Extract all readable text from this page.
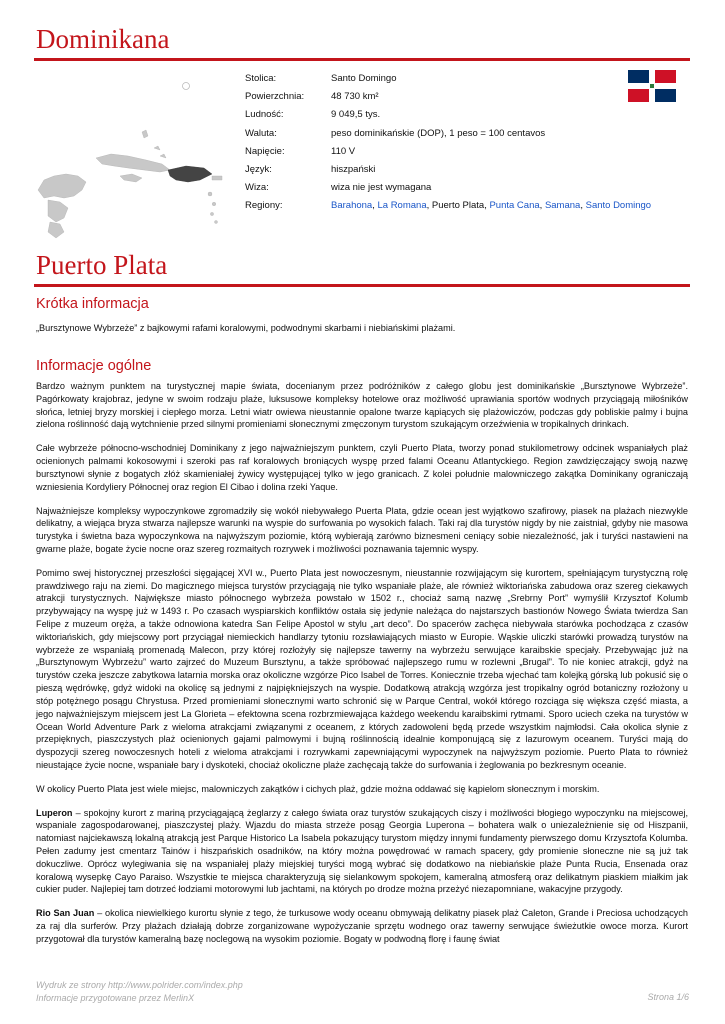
Dominikana
Stolica:	Santo Domingo
Powierzchnia:	48 730 km²
Ludność:	9 049,5 tys.
Waluta:	peso dominikańskie (DOP), 1 peso = 100 centavos
Napięcie:	110 V
Język:	hiszpański
Wiza:	wiza nie jest wymagana
Regiony:	Barahona, La Romana, Puerto Plata, Punta Cana, Samana, Santo Domingo
Puerto Plata
Krótka informacja

„Bursztynowe Wybrzeże” z bajkowymi rafami koralowymi, podwodnymi skarbami i niebiańskimi plażami.

Informacje ogólne

Bardzo ważnym punktem na turystycznej mapie świata, docenianym przez podróżników z całego globu jest dominikańskie „Bursztynowe Wybrzeże”. Pagórkowaty krajobraz, jedyne w swoim rodzaju plaże, luksusowe kompleksy hotelowe oraz możliwość uprawiania sportów wodnych przyciągają miłośników słońca, letniej bryzy morskiej i ciepłego morza. Letni wiatr owiewa nieustannie opalone twarze kąpiących się plażowiczów, podczas gdy pobliskie palmy i bujna zielona roślinność dają wytchnienie przed silnymi promieniami słonecznymi zmęczonym turystom szukającym orzeźwienia w tropikalnych drinkach.

Całe wybrzeże północno-wschodniej Dominikany z jego najważniejszym punktem, czyli Puerto Plata, tworzy ponad stukilometrowy odcinek wspaniałych plaż ocienionych palmami kokosowymi i szeroki pas raf koralowych broniących wyspę przed falami Oceanu Atlantyckiego. Region zawdzięczający swoją nazwę bursztynowi słynie z bogatych złóż skamieniałej żywicy występującej tylko w jego granicach. Z kolei południe malowniczego zakątka Dominikany ograniczają wzniesienia Kordyliery Północnej oraz region El Cibao i dolina rzeki Yaque.

Najważniejsze kompleksy wypoczynkowe zgromadziły się wokół niebywałego Puerta Plata, gdzie ocean jest wyjątkowo szafirowy, piasek na plażach niezwykle delikatny, a wiejąca bryza stwarza najlepsze warunki na wyspie do surfowania po wysokich falach. Taki raj dla turystów nigdy by nie zaistniał, gdyby nie masowa turystyka i świetna baza wypoczynkowa na najwyższym poziomie, którą wybierają zarówno biznesmeni ceniący sobie niezależność, jak i turyści nastawieni na gwarne plaże, bogate życie nocne oraz szereg rozmaitych rozrywek i możliwości poznawania tajemnic wyspy.

Pomimo swej historycznej przeszłości sięgającej XVI w., Puerto Plata jest nowoczesnym, nieustannie rozwijającym się kurortem, spełniającym turystyczną rolę prawdziwego raju na ziemi. Do magicznego miejsca turystów przyciągają nie tylko wspaniałe plaże, ale również wiktoriańska zabudowa oraz szereg ciekawych atrakcji turystycznych. Największe miasto północnego wybrzeża powstało w 1502 r., chociaż samą nazwę „Srebrny Port” wymyślił Krzysztof Kolumb przybywający na wyspę już w 1493 r. Po czasach wyspiarskich konfliktów ostała się jedynie należąca do najstarszych bastionów Nowego Świata twierdza San Felipe z muzeum oręża, a także odnowiona katedra San Felipe Apostol w stylu „art deco”. Do spacerów zachęca niebywała starówka pochodząca z czasów wiktoriańskich, gdy miejscowy port przyciągał niemieckich handlarzy tytoniu rozsławiających miasto w Europie. Wąskie uliczki starówki prowadzą turystów na wybrzeże ze wspaniałą promenadą Malecon, przy której rozłożyły się najlepsze tawerny na wybrzeżu serwujące karaibskie specjały. Przebywając już na „Bursztynowym Wybrzeżu” warto zajrzeć do Muzeum Bursztynu, a także spróbować najlepszego rumu w rozlewni „Brugal”. To nie koniec atrakcji, gdyż na turystów czeka jeszcze zabytkowa latarnia morska oraz okoliczne wzgórze Pico Isabel de Torres. Koniecznie trzeba wjechać tam kolejką górską lub pokusić się o pieszą wędrówkę, gdyż widoki na okolicę są jednymi z najpiękniejszych na wyspie. Dodatkową atrakcją wzgórza jest tropikalny ogród botaniczny rozłożony u stóp potężnego posągu Chrystusa. Przed promieniami słonecznymi warto schronić się w Parque Central, wokół którego rozciąga się większa część miasta, a jego najważniejszym miejscem jest La Glorieta – efektowna scena rozbrzmiewająca każdego weekendu karaibskimi rytmami. Sporo uciech czeka na turystów w Ocean World Adventure Park z wieloma atrakcjami związanymi z oceanem, z których zadowoleni będą przede wszystkim najmłodsi. Cała okolica słynie z przepięknych, piaszczystych plaż ocienionych gajami palmowymi i bujną roślinnością idealnie komponującą się z lazurowym oceanem. Turyści mają do dyspozycji szereg nowoczesnych hoteli z wieloma atrakcjami i rozrywkami zapewniającymi wypoczynek na najwyższym poziomie. Puerto Plata to również nieustające życie nocne, wspaniałe bary i dyskoteki, chociaż okoliczne plaże zachęcają także do surfowania i żeglowania po bezkresnym oceanie.

W okolicy Puerto Plata jest wiele miejsc, malowniczych zakątków i cichych plaż, gdzie można oddawać się kąpielom słonecznym i morskim.

Luperon – spokojny kurort z mariną przyciągającą żeglarzy z całego świata oraz turystów szukających ciszy i możliwości błogiego wypoczynku na miejscowej, wspaniale zagospodarowanej, piaszczystej plaży. Wjazdu do miasta strzeże posąg Georgia Luperona – bohatera walk o uniezależnienie się od Hiszpanii, natomiast najciekawszą lokalną atrakcją jest Parque Historico La Isabela pokazujący turystom między innymi fundamenty pierwszego domu Krzysztofa Kolumba. Pełen zadumy jest cmentarz Tainów i hiszpańskich osadników, na który można powędrować w ramach spacery, gdy promienie słoneczne nie są już tak dokuczliwe. Oprócz wylegiwania się na wspaniałej plaży miejskiej turyści mogą wybrać się dodatkowo na niebiańskie plaże Punta Rucia, Ensenada oraz koralową wysepkę Cayo Paraiso. Wszystkie te miejsca charakteryzują się sielankowym spokojem, kameralną atmosferą oraz delikatnym piaskiem miałkim jak cukier puder. Najlepiej tam dotrzeć łodziami motorowymi lub jachtami, na których po drodze można przeżyć niezapomniane, wakacyjne przygody.

Rio San Juan – okolica niewielkiego kurortu słynie z tego, że turkusowe wody oceanu obmywają delikatny piasek plaż Caleton, Grande i Preciosa uchodzących za raj dla surferów. Przy plażach działają dobrze zorganizowane wypożyczanie sprzętu wodnego oraz tawerny serwujące świeżutkie owoce morza. Kurort przygotował dla turystów kameralną bazę noclegową na wysokim poziomie. Bogaty w podwodną florę i faunę świat

Wydruk ze strony http://www.polrider.com/index.php
Informacje przygotowane przez MerlinX	Strona 1/6
